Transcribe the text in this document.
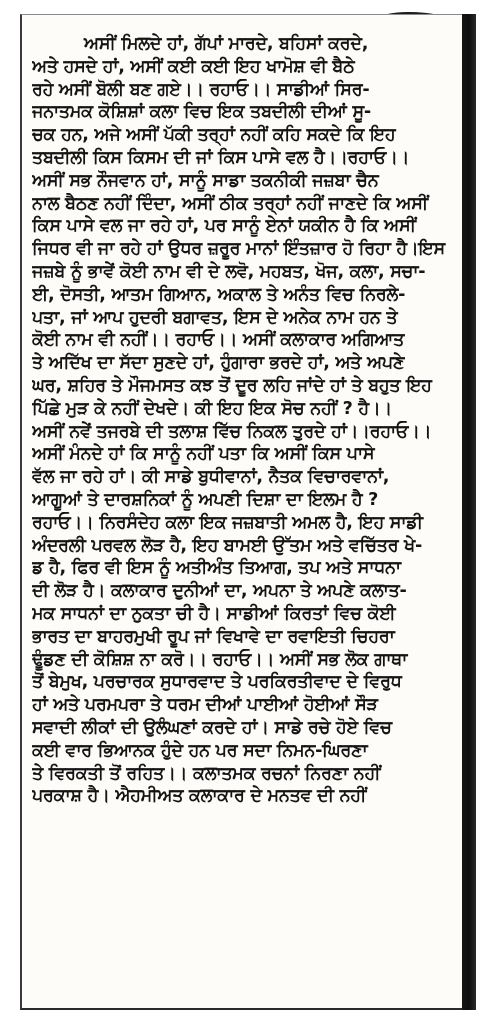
ਅਸੀਂ ਮਿਲਦੇ ਹਾਂ, ਗੱਪਾਂ ਮਾਰਦੇ, ਬਹਿਸਾਂ ਕਰਦੇ,
ਅਤੇ ਹਸਦੇ ਹਾਂ, ਅਸੀਂ ਕਈ ਕਈ ਇਹ ਖਾਮੋਸ਼ ਵੀ ਬੈਠੇ
ਰਹੇ ਅਸੀਂ ਬੋਲੀ ਬਣ ਗਏ।। ਰਹਾਓ।। ਸਾਡੀਆਂ ਸਿਰ-
ਜਨਾਤਮਕ ਕੋਸ਼ਿਸ਼ਾਂ ਕਲਾ ਵਿਚ ਇਕ ਤਬਦੀਲੀ ਦੀਆਂ ਸੂ-
ਚਕ ਹਨ, ਅਜੇ ਅਸੀਂ ਪੱਕੀ ਤਰ੍ਹਾਂ ਨਹੀਂ ਕਹਿ ਸਕਦੇ ਕਿ ਇਹ
ਤਬਦੀਲੀ ਕਿਸ ਕਿਸਮ ਦੀ ਜਾਂ ਕਿਸ ਪਾਸੇ ਵਲ ਹੈ।।ਰਹਾਓ।।
ਅਸੀਂ ਸਭ ਨੌਜਵਾਨ ਹਾਂ, ਸਾਨੂੰ ਸਾਡਾ ਤਕਨੀਕੀ ਜਜ਼ਬਾ ਚੈਨ
ਨਾਲ ਬੈਠਣ ਨਹੀਂ ਦਿੰਦਾ, ਅਸੀਂ ਠੀਕ ਤਰ੍ਹਾਂ ਨਹੀਂ ਜਾਣਦੇ ਕਿ ਅਸੀਂ
ਕਿਸ ਪਾਸੇ ਵਲ ਜਾ ਰਹੇ ਹਾਂ, ਪਰ ਸਾਨੂੰ ਏਨਾਂ ਯਕੀਨ ਹੈ ਕਿ ਅਸੀਂ
ਜਿਧਰ ਵੀ ਜਾ ਰਹੇ ਹਾਂ ਉਧਰ ਜ਼ਰੂਰ ਮਾਨਾਂ ਇੰਤਜ਼ਾਰ ਹੋ ਰਿਹਾ ਹੈ।ਇਸ
ਜਜ਼ਬੇ ਨੂੰ ਭਾਵੇਂ ਕੋਈ ਨਾਮ ਵੀ ਦੇ ਲਵੋ, ਮਹਬਤ, ਖੋਜ, ਕਲਾ, ਸਚਾ-
ਈ, ਦੋਸਤੀ, ਆਤਮ ਗਿਆਨ, ਅਕਾਲ ਤੇ ਅਨੰਤ ਵਿਚ ਨਿਰਲੇ-
ਪਤਾ, ਜਾਂ ਆਪ ਹੁਦਰੀ ਬਗਾਵਤ, ਇਸ ਦੇ ਅਨੇਕ ਨਾਮ ਹਨ ਤੇ
ਕੋਈ ਨਾਮ ਵੀ ਨਹੀਂ।। ਰਹਾਓ।। ਅਸੀਂ ਕਲਾਕਾਰ ਅਗਿਆਤ
ਤੇ ਅਦਿੱਖ ਦਾ ਸੱਦਾ ਸੁਣਦੇ ਹਾਂ, ਹੁੰਗਾਰਾ ਭਰਦੇ ਹਾਂ, ਅਤੇ ਅਪਣੇ
ਘਰ, ਸ਼ਹਿਰ ਤੇ ਮੌਜਮਸਤ ਕਝ ਤੋਂ ਦੂਰ ਲਹਿ ਜਾਂਦੇ ਹਾਂ ਤੇ ਬਹੁਤ ਇਹ
ਪਿੱਛੇ ਮੁੜ ਕੇ ਨਹੀਂ ਦੇਖਦੇ। ਕੀ ਇਹ ਇਕ ਸੋਚ ਨਹੀਂ ? ਹੈ।।
ਅਸੀਂ ਨਵੇਂ ਤਜਰਬੇ ਦੀ ਤਲਾਸ਼ ਵਿੱਚ ਨਿਕਲ ਤੁਰਦੇ ਹਾਂ।।ਰਹਾਓ।।
ਅਸੀਂ ਮੰਨਦੇ ਹਾਂ ਕਿ ਸਾਨੂੰ ਨਹੀਂ ਪਤਾ ਕਿ ਅਸੀਂ ਕਿਸ ਪਾਸੇ
ਵੱਲ ਜਾ ਰਹੇ ਹਾਂ। ਕੀ ਸਾਡੇ ਬੁਧੀਵਾਨਾਂ, ਨੈਤਕ ਵਿਚਾਰਵਾਨਾਂ,
ਆਗੂਆਂ ਤੇ ਦਾਰਸ਼ਨਿਕਾਂ ਨੂੰ ਅਪਣੀ ਦਿਸ਼ਾ ਦਾ ਇਲਮ ਹੈ ?
ਰਹਾਓ।। ਨਿਰਸੰਦੇਹ ਕਲਾ ਇਕ ਜਜ਼ਬਾਤੀ ਅਮਲ ਹੈ, ਇਹ ਸਾਡੀ
ਅੰਦਰਲੀ ਪਰਵਲ ਲੋੜ ਹੈ, ਇਹ ਬਾਮਈ ਉੱਤਮ ਅਤੇ ਵਚਿੱਤਰ ਖੇ-
ਡ ਹੈ, ਫਿਰ ਵੀ ਇਸ ਨੂੰ ਅਤੀਅੰਤ ਤਿਆਗ, ਤਪ ਅਤੇ ਸਾਧਨਾ
ਦੀ ਲੋੜ ਹੈ। ਕਲਾਕਾਰ ਦੁਨੀਆਂ ਦਾ, ਅਪਨਾ ਤੇ ਅਪਣੇ ਕਲਾਤ-
ਮਕ ਸਾਧਨਾਂ ਦਾ ਨੁਕਤਾ ਚੀ ਹੈ। ਸਾਡੀਆਂ ਕਿਰਤਾਂ ਵਿਚ ਕੋਈ
ਭਾਰਤ ਦਾ ਬਾਹਰਮੁਖੀ ਰੂਪ ਜਾਂ ਵਿਖਾਵੇ ਦਾ ਰਵਾਇਤੀ ਚਿਹਰਾ
ਢੂੰਡਣ ਦੀ ਕੋਸ਼ਿਸ਼ ਨਾ ਕਰੋ।। ਰਹਾਓ।। ਅਸੀਂ ਸਭ ਲੋਕ ਗਾਥਾ
ਤੋਂ ਬੇਮੁਖ, ਪਰਚਾਰਕ ਸੁਧਾਰਵਾਦ ਤੇ ਪਰਕਿਰਤੀਵਾਦ ਦੇ ਵਿਰੁਧ
ਹਾਂ ਅਤੇ ਪਰਮਪਰਾ ਤੇ ਧਰਮ ਦੀਆਂ ਪਾਈਆਂ ਹੋਈਆਂ ਸੌੜ
ਸਵਾਦੀ ਲੀਕਾਂ ਦੀ ਉਲੰਘਣਾਂ ਕਰਦੇ ਹਾਂ। ਸਾਡੇ ਰਚੇ ਹੋਏ ਵਿਚ
ਕਈ ਵਾਰ ਭਿਆਨਕ ਹੁੰਦੇ ਹਨ ਪਰ ਸਦਾ ਨਿਮਨ-ਘਿਰਣਾ
ਤੇ ਵਿਰਕਤੀ ਤੋਂ ਰਹਿਤ।। ਕਲਾਤਮਕ ਰਚਨਾਂ ਨਿਰਣਾ ਨਹੀਂ
ਪਰਕਾਸ਼ ਹੈ। ਐਹਮੀਅਤ ਕਲਾਕਾਰ ਦੇ ਮਨਤਵ ਦੀ ਨਹੀਂ
